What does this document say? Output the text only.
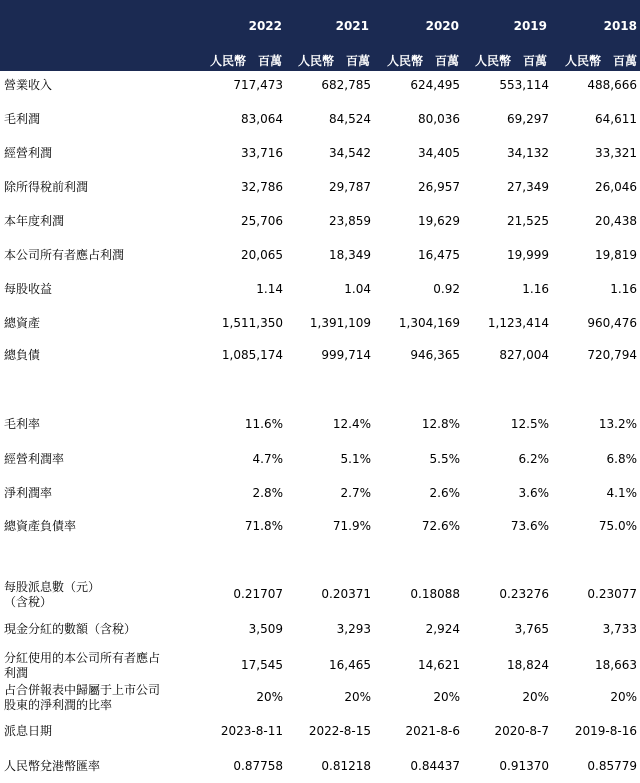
2022	2021	2020	2019	2018
人民幣　百萬	人民幣　百萬	人民幣　百萬	人民幣　百萬	人民幣　百萬
營業收入	717,473	682,785	624,495	553,114	488,666
毛利潤	83,064	84,524	80,036	69,297	64,611
經營利潤	33,716	34,542	34,405	34,132	33,321
除所得稅前利潤	32,786	29,787	26,957	27,349	26,046
本年度利潤	25,706	23,859	19,629	21,525	20,438
本公司所有者應占利潤	20,065	18,349	16,475	19,999	19,819
每股收益	1.14	1.04	0.92	1.16	1.16
總資產	1,511,350	1,391,109	1,304,169	1,123,414	960,476
總負債	1,085,174	999,714	946,365	827,004	720,794
毛利率	11.6%	12.4%	12.8%	12.5%	13.2%
經營利潤率	4.7%	5.1%	5.5%	6.2%	6.8%
淨利潤率	2.8%	2.7%	2.6%	3.6%	4.1%
總資產負債率	71.8%	71.9%	72.6%	73.6%	75.0%
每股派息數（元）
（含稅）
0.21707	0.20371	0.18088	0.23276	0.23077
現金分紅的數額（含稅）	3,509	3,293	2,924	3,765	3,733
分紅使用的本公司所有者應占
利潤
17,545	16,465	14,621	18,824	18,663
占合併報表中歸屬于上市公司
股東的淨利潤的比率
20%	20%	20%	20%	20%
派息日期	2023-8-11	2022-8-15	2021-8-6	2020-8-7	2019-8-16
人民幣兌港幣匯率	0.87758	0.81218	0.84437	0.91370	0.85779
